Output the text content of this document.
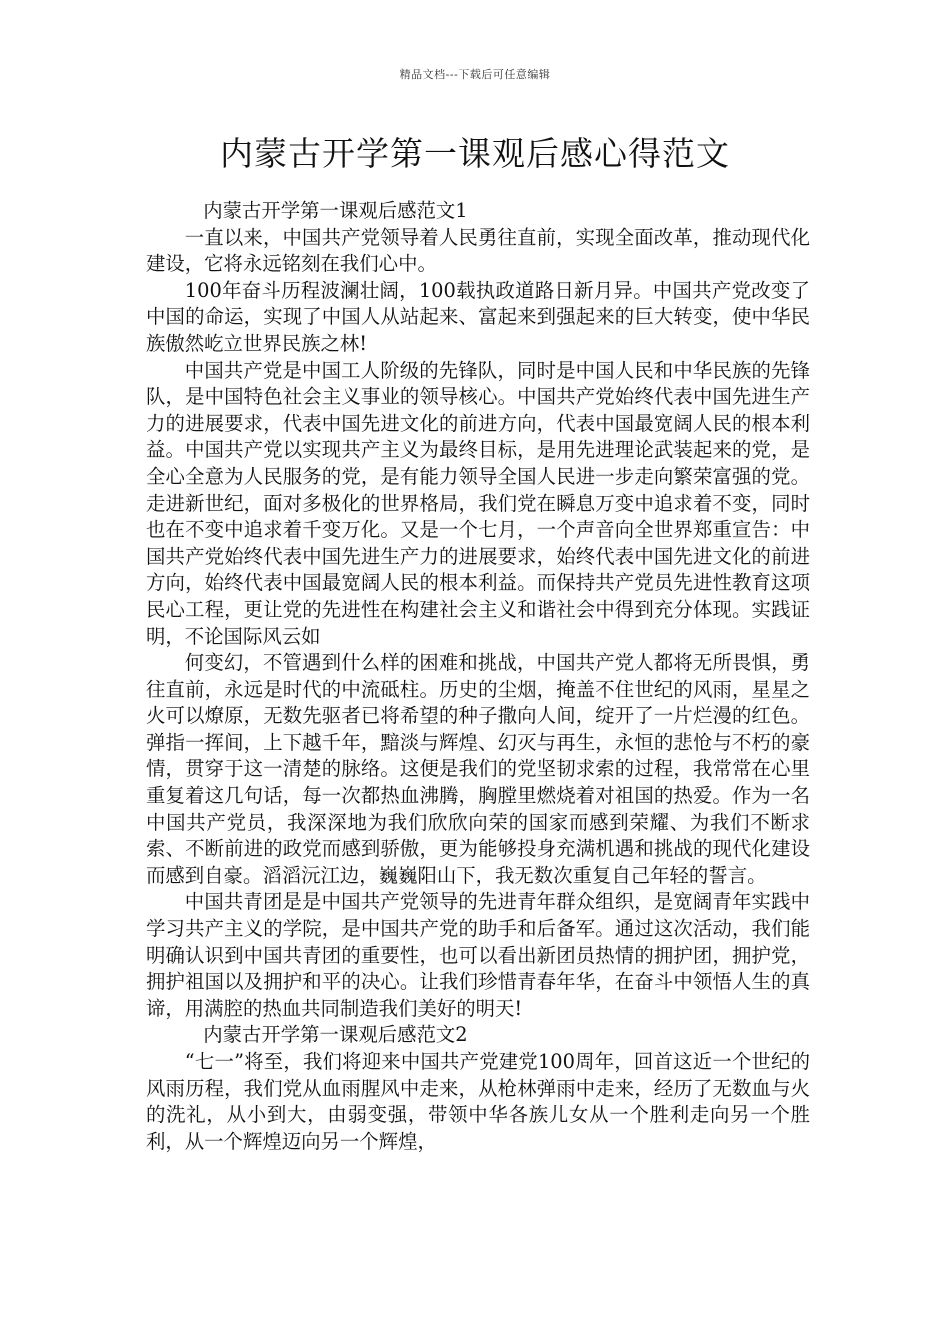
精品文档---下载后可任意编辑
内蒙古开学第一课观后感心得范文

内蒙古开学第一课观后感范文1

一直以来，中国共产党领导着人民勇往直前，实现全面改革，推动现代化建设，它将永远铭刻在我们心中。

100年奋斗历程波澜壮阔，100载执政道路日新月异。中国共产党改变了中国的命运，实现了中国人从站起来、富起来到强起来的巨大转变，使中华民族傲然屹立世界民族之林!

中国共产党是中国工人阶级的先锋队，同时是中国人民和中华民族的先锋队，是中国特色社会主义事业的领导核心。中国共产党始终代表中国先进生产力的进展要求，代表中国先进文化的前进方向，代表中国最宽阔人民的根本利益。中国共产党以实现共产主义为最终目标，是用先进理论武装起来的党，是全心全意为人民服务的党，是有能力领导全国人民进一步走向繁荣富强的党。走进新世纪，面对多极化的世界格局，我们党在瞬息万变中追求着不变，同时也在不变中追求着千变万化。又是一个七月，一个声音向全世界郑重宣告：中国共产党始终代表中国先进生产力的进展要求，始终代表中国先进文化的前进方向，始终代表中国最宽阔人民的根本利益。而保持共产党员先进性教育这项民心工程，更让党的先进性在构建社会主义和谐社会中得到充分体现。实践证明，不论国际风云如

何变幻，不管遇到什么样的困难和挑战，中国共产党人都将无所畏惧，勇往直前，永远是时代的中流砥柱。历史的尘烟，掩盖不住世纪的风雨，星星之火可以燎原，无数先驱者已将希望的种子撒向人间，绽开了一片烂漫的红色。弹指一挥间，上下越千年，黯淡与辉煌、幻灭与再生，永恒的悲怆与不朽的豪情，贯穿于这一清楚的脉络。这便是我们的党坚韧求索的过程，我常常在心里重复着这几句话，每一次都热血沸腾，胸膛里燃烧着对祖国的热爱。作为一名中国共产党员，我深深地为我们欣欣向荣的国家而感到荣耀、为我们不断求索、不断前进的政党而感到骄傲，更为能够投身充满机遇和挑战的现代化建设而感到自豪。滔滔沅江边，巍巍阳山下，我无数次重复自己年轻的誓言。

中国共青团是是中国共产党领导的先进青年群众组织，是宽阔青年实践中学习共产主义的学院，是中国共产党的助手和后备军。通过这次活动，我们能明确认识到中国共青团的重要性，也可以看出新团员热情的拥护团，拥护党，拥护祖国以及拥护和平的决心。让我们珍惜青春年华，在奋斗中领悟人生的真谛，用满腔的热血共同制造我们美好的明天!

内蒙古开学第一课观后感范文2

“七一”将至，我们将迎来中国共产党建党100周年，回首这近一个世纪的风雨历程，我们党从血雨腥风中走来，从枪林弹雨中走来，经历了无数血与火的洗礼，从小到大，由弱变强，带领中华各族儿女从一个胜利走向另一个胜利，从一个辉煌迈向另一个辉煌，
